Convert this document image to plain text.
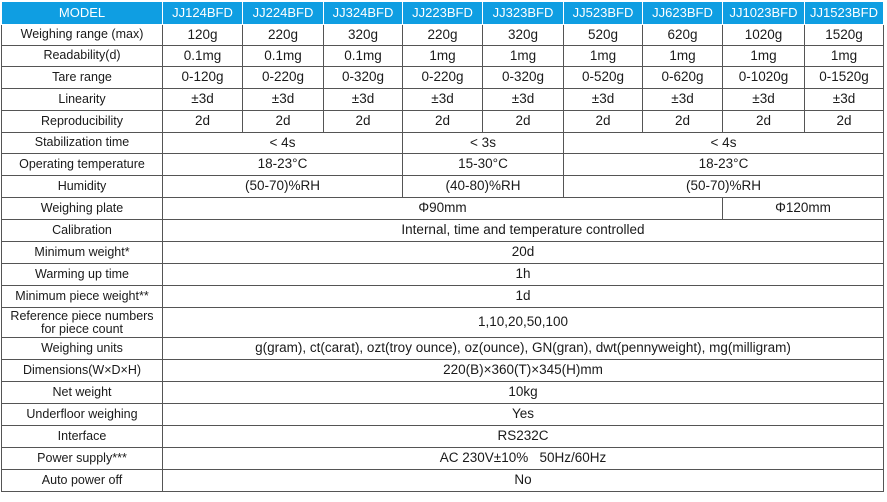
MODEL	JJ124BFD	JJ224BFD	JJ324BFD	JJ223BFD	JJ323BFD	JJ523BFD	JJ623BFD	JJ1023BFD	JJ1523BFD
Weighing range (max)	120g	220g	320g	220g	320g	520g	620g	1020g	1520g
Readability(d)	0.1mg	0.1mg	0.1mg	1mg	1mg	1mg	1mg	1mg	1mg
Tare range	0-120g	0-220g	0-320g	0-220g	0-320g	0-520g	0-620g	0-1020g	0-1520g
Linearity	±3d	±3d	±3d	±3d	±3d	±3d	±3d	±3d	±3d
Reproducibility	2d	2d	2d	2d	2d	2d	2d	2d	2d
Stabilization time	< 4s			< 3s		< 4s			
Operating temperature	18-23°C			15-30°C		18-23°C			
Humidity	(50-70)%RH			(40-80)%RH		(50-70)%RH			
Weighing plate	Φ90mm							Φ120mm	
Calibration	Internal, time and temperature controlled								
Minimum weight*	20d								
Warming up time	1h								
Minimum piece weight**	1d								

Reference piece numbers
for piece count	1,10,20,50,100								
Weighing units	g(gram), ct(carat), ozt(troy ounce), oz(ounce), GN(gran), dwt(pennyweight), mg(milligram)								
Dimensions(W×D×H)	220(B)×360(T)×345(H)mm								
Net weight	10kg								
Underfloor weighing	Yes								
Interface	RS232C								
Power supply***	AC 230V±10%   50Hz/60Hz								
Auto power off	No								
